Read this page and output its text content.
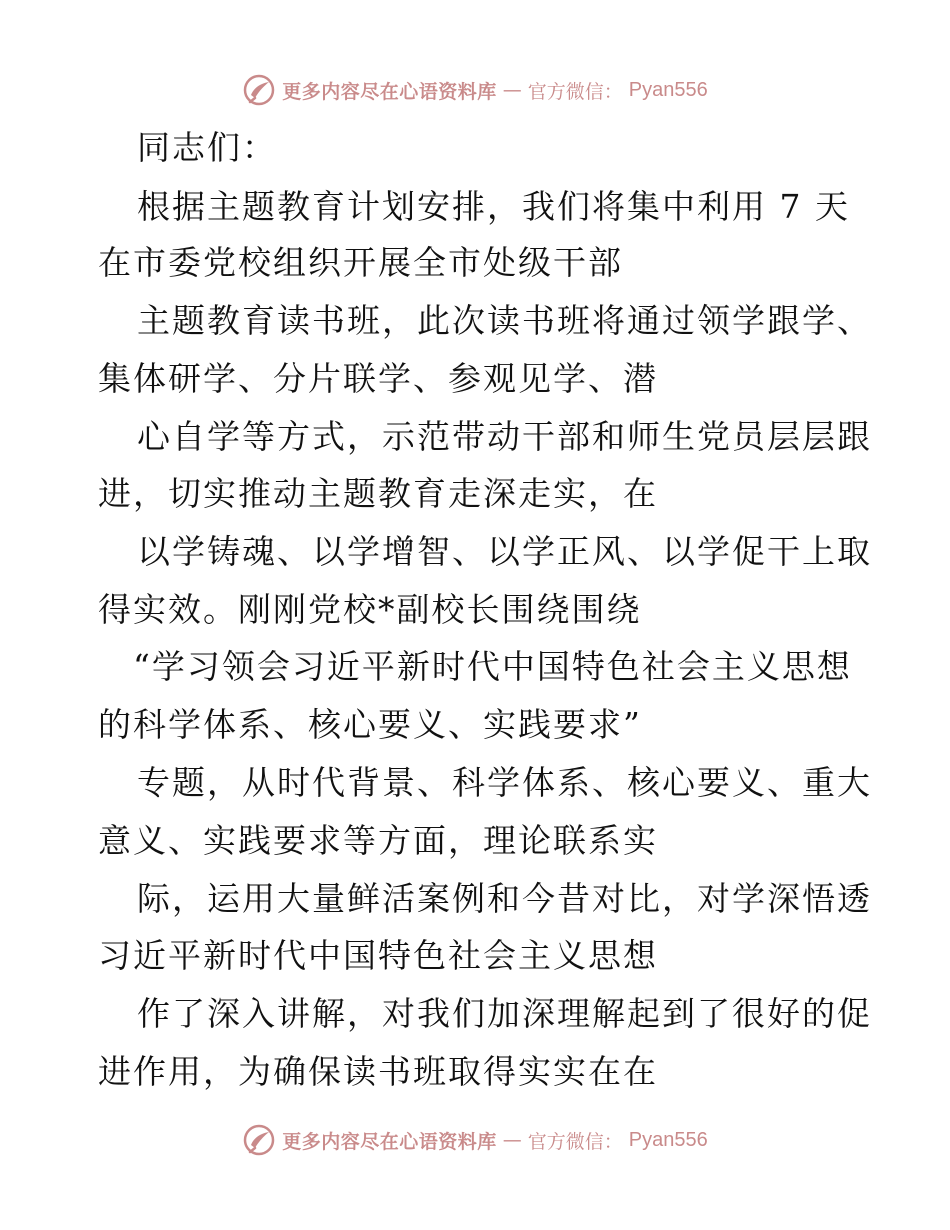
更多内容尽在心语资料库 — 官方微信： Pyan556
同志们：
根据主题教育计划安排，我们将集中利用 7 天
在市委党校组织开展全市处级干部
主题教育读书班，此次读书班将通过领学跟学、
集体研学、分片联学、参观见学、潜
心自学等方式，示范带动干部和师生党员层层跟
进，切实推动主题教育走深走实，在
以学铸魂、以学增智、以学正风、以学促干上取
得实效。刚刚党校*副校长围绕围绕
“学习领会习近平新时代中国特色社会主义思想
的科学体系、核心要义、实践要求”
专题，从时代背景、科学体系、核心要义、重大
意义、实践要求等方面，理论联系实
际，运用大量鲜活案例和今昔对比，对学深悟透
习近平新时代中国特色社会主义思想
作了深入讲解，对我们加深理解起到了很好的促
进作用，为确保读书班取得实实在在
更多内容尽在心语资料库 — 官方微信： Pyan556
